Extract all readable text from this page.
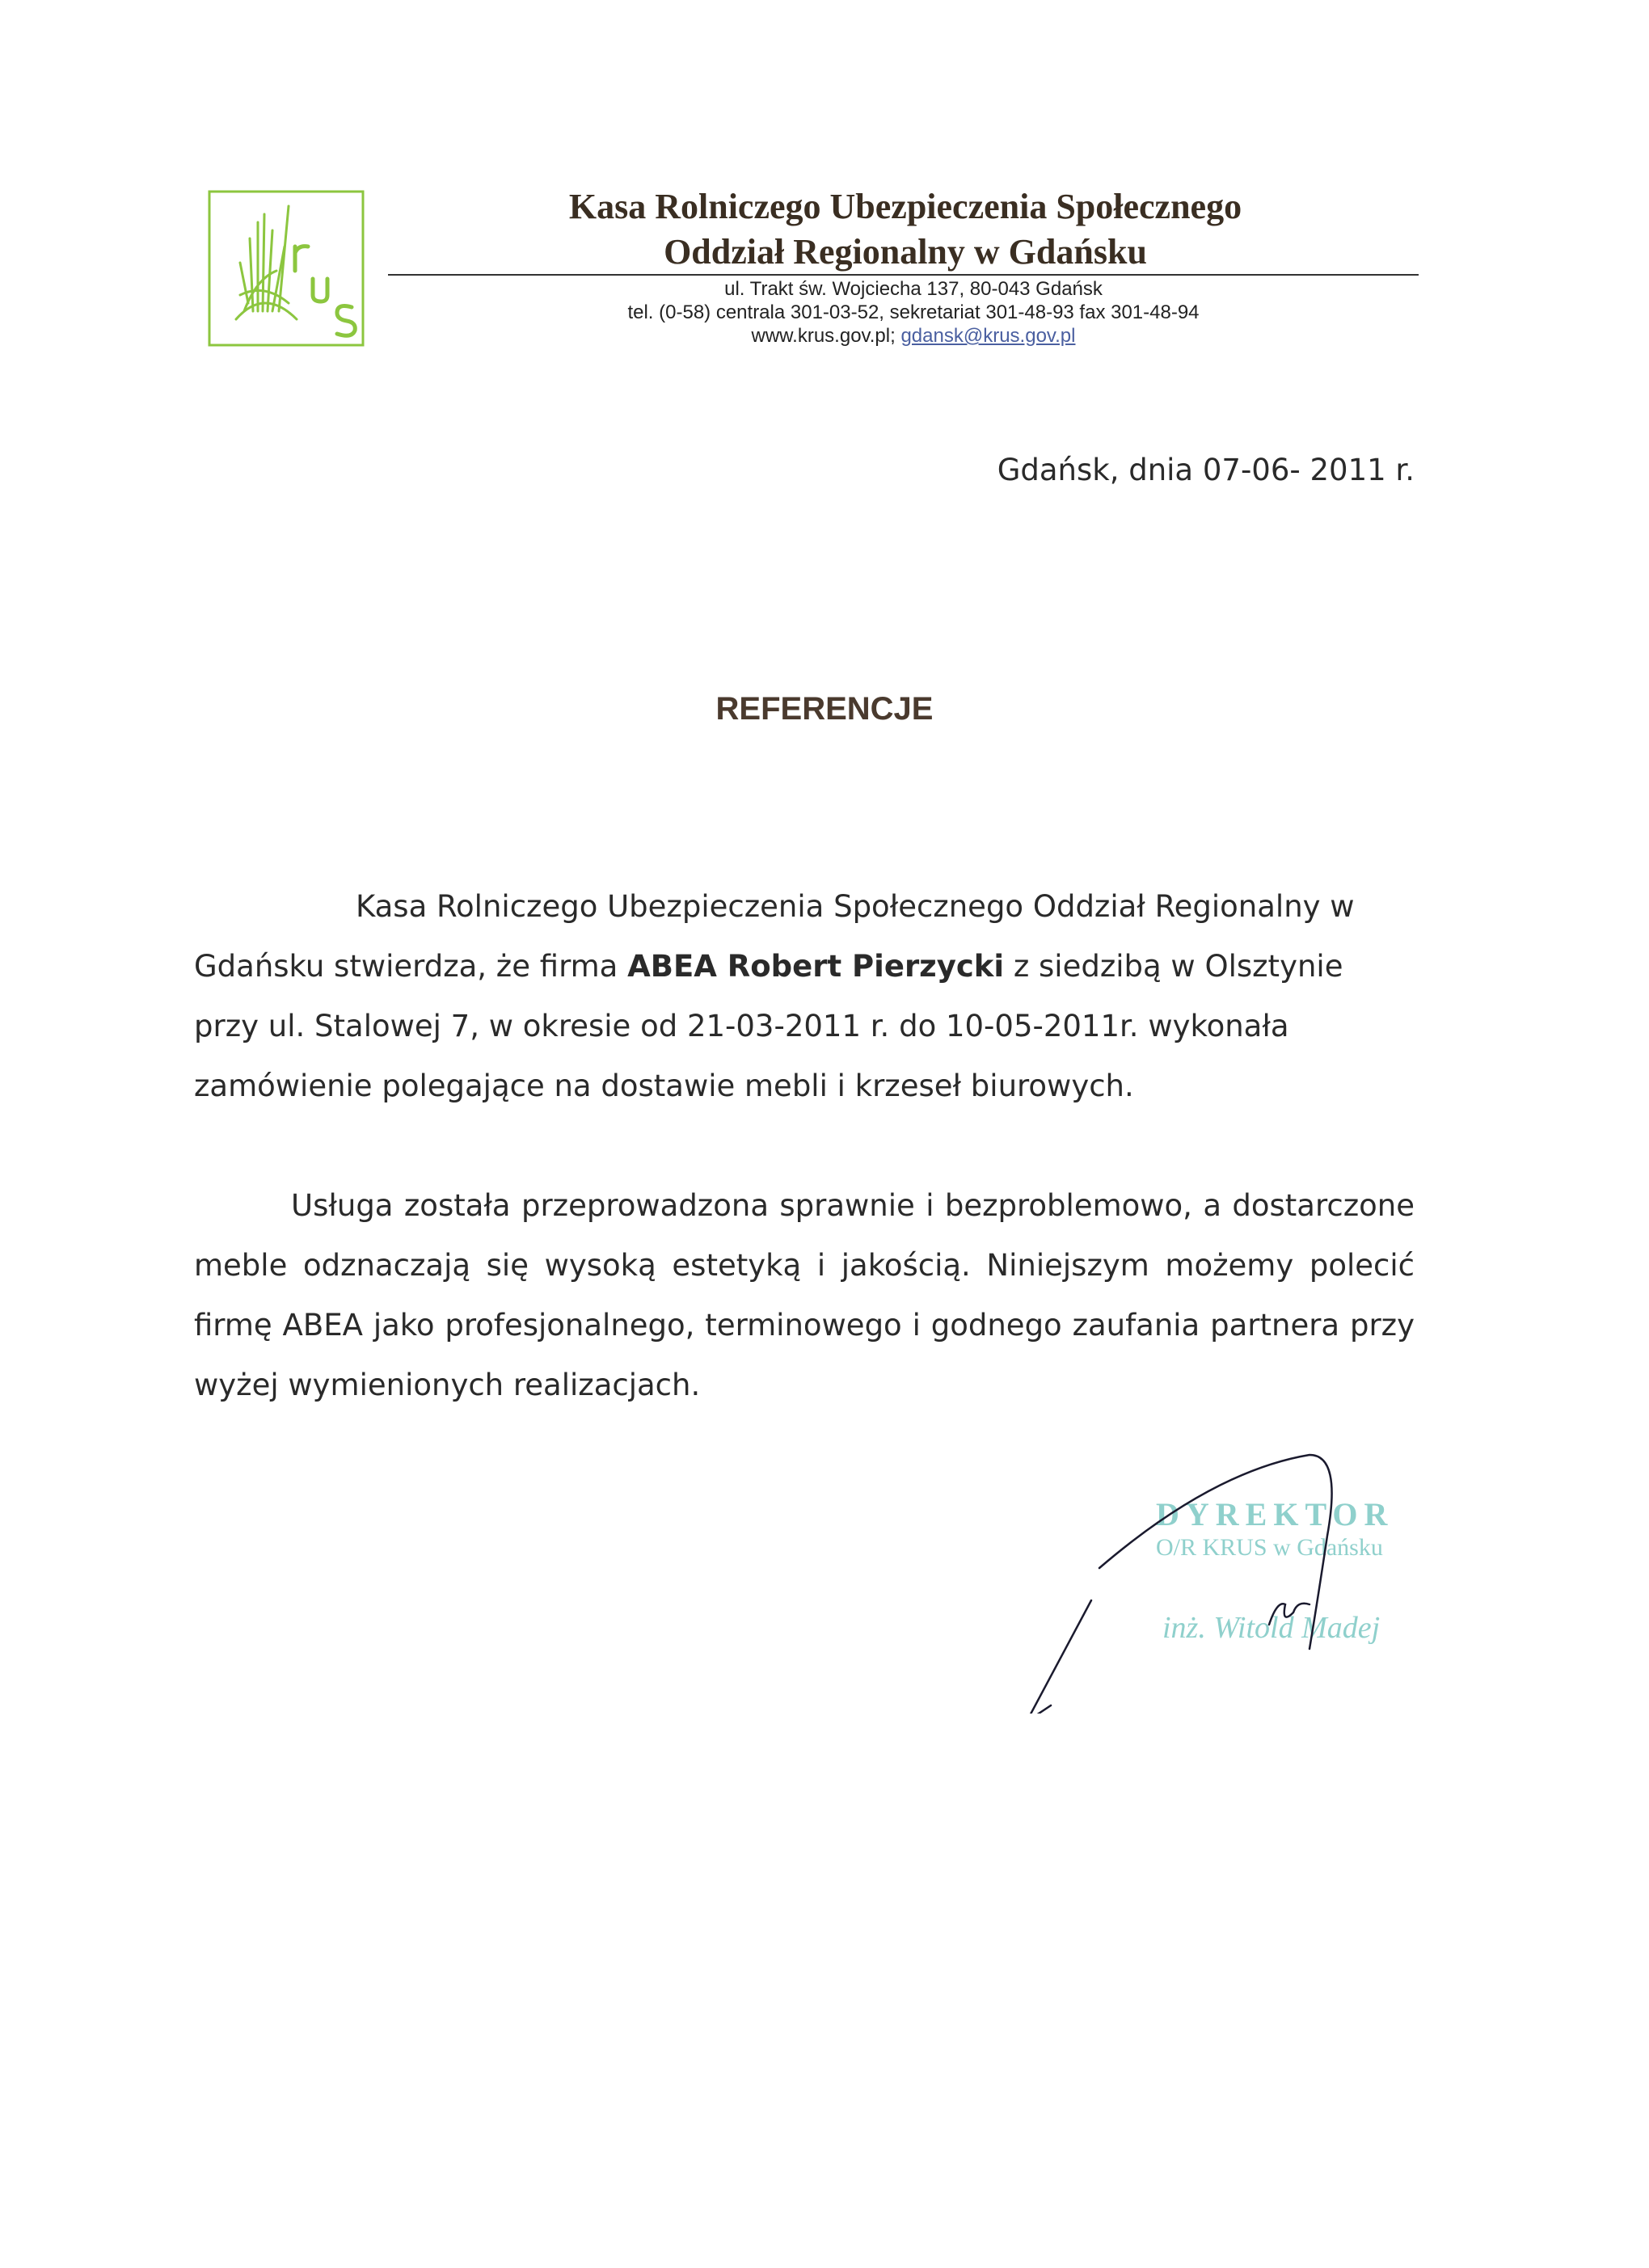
Kasa Rolniczego Ubezpieczenia Społecznego
Oddział Regionalny w Gdańsku
ul. Trakt św. Wojciecha 137, 80-043 Gdańsk
tel. (0-58) centrala 301-03-52, sekretariat 301-48-93 fax 301-48-94
www.krus.gov.pl; gdansk@krus.gov.pl
Gdańsk, dnia 07-06- 2011 r.
REFERENCJE
Kasa Rolniczego Ubezpieczenia Społecznego Oddział Regionalny w Gdańsku stwierdza, że firma ABEA Robert Pierzycki z siedzibą w Olsztynie przy ul. Stalowej 7, w okresie od 21-03-2011 r. do 10-05-2011r. wykonała zamówienie polegające na dostawie mebli i krzeseł biurowych.
Usługa została przeprowadzona sprawnie i bezproblemowo, a dostarczone meble odznaczają się wysoką estetyką i jakością. Niniejszym możemy polecić firmę ABEA jako profesjonalnego, terminowego i godnego zaufania partnera przy wyżej wymienionych realizacjach.
DYREKTOR
O/R KRUS w Gdańsku
inż. Witold Madej
